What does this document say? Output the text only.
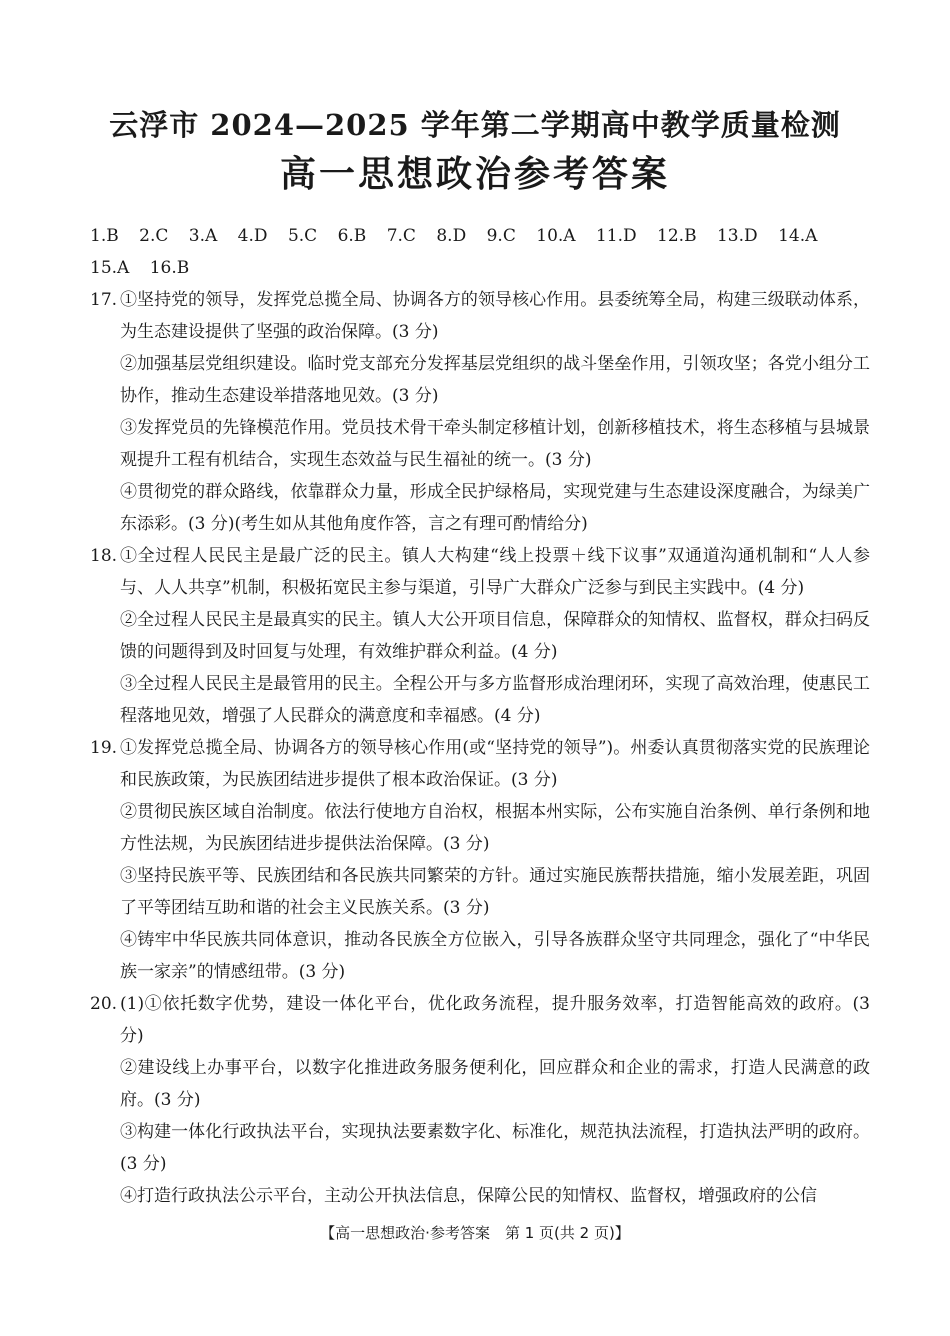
云浮市 2024—2025 学年第二学期高中教学质量检测
高一思想政治参考答案

1.B 2.C 3.A 4.D 5.C 6.B 7.C 8.D 9.C 10.A 11.D 12.B 13.D 14.A 15.A 16.B

17. ①坚持党的领导，发挥党总揽全局、协调各方的领导核心作用。县委统筹全局，构建三级联动体系，为生态建设提供了坚强的政治保障。(3 分)

②加强基层党组织建设。临时党支部充分发挥基层党组织的战斗堡垒作用，引领攻坚；各党小组分工协作，推动生态建设举措落地见效。(3 分)

③发挥党员的先锋模范作用。党员技术骨干牵头制定移植计划，创新移植技术，将生态移植与县城景观提升工程有机结合，实现生态效益与民生福祉的统一。(3 分)

④贯彻党的群众路线，依靠群众力量，形成全民护绿格局，实现党建与生态建设深度融合，为绿美广东添彩。(3 分)(考生如从其他角度作答，言之有理可酌情给分)

18. ①全过程人民民主是最广泛的民主。镇人大构建“线上投票＋线下议事”双通道沟通机制和“人人参与、人人共享”机制，积极拓宽民主参与渠道，引导广大群众广泛参与到民主实践中。(4 分)

②全过程人民民主是最真实的民主。镇人大公开项目信息，保障群众的知情权、监督权，群众扫码反馈的问题得到及时回复与处理，有效维护群众利益。(4 分)

③全过程人民民主是最管用的民主。全程公开与多方监督形成治理闭环，实现了高效治理，使惠民工程落地见效，增强了人民群众的满意度和幸福感。(4 分)

19. ①发挥党总揽全局、协调各方的领导核心作用(或“坚持党的领导”)。州委认真贯彻落实党的民族理论和民族政策，为民族团结进步提供了根本政治保证。(3 分)

②贯彻民族区域自治制度。依法行使地方自治权，根据本州实际，公布实施自治条例、单行条例和地方性法规，为民族团结进步提供法治保障。(3 分)

③坚持民族平等、民族团结和各民族共同繁荣的方针。通过实施民族帮扶措施，缩小发展差距，巩固了平等团结互助和谐的社会主义民族关系。(3 分)

④铸牢中华民族共同体意识，推动各民族全方位嵌入，引导各族群众坚守共同理念，强化了“中华民族一家亲”的情感纽带。(3 分)

20. (1)①依托数字优势，建设一体化平台，优化政务流程，提升服务效率，打造智能高效的政府。(3 分)

②建设线上办事平台，以数字化推进政务服务便利化，回应群众和企业的需求，打造人民满意的政府。(3 分)

③构建一体化行政执法平台，实现执法要素数字化、标准化，规范执法流程，打造执法严明的政府。(3 分)

④打造行政执法公示平台，主动公开执法信息，保障公民的知情权、监督权，增强政府的公信

【高一思想政治·参考答案　第 1 页(共 2 页)】
